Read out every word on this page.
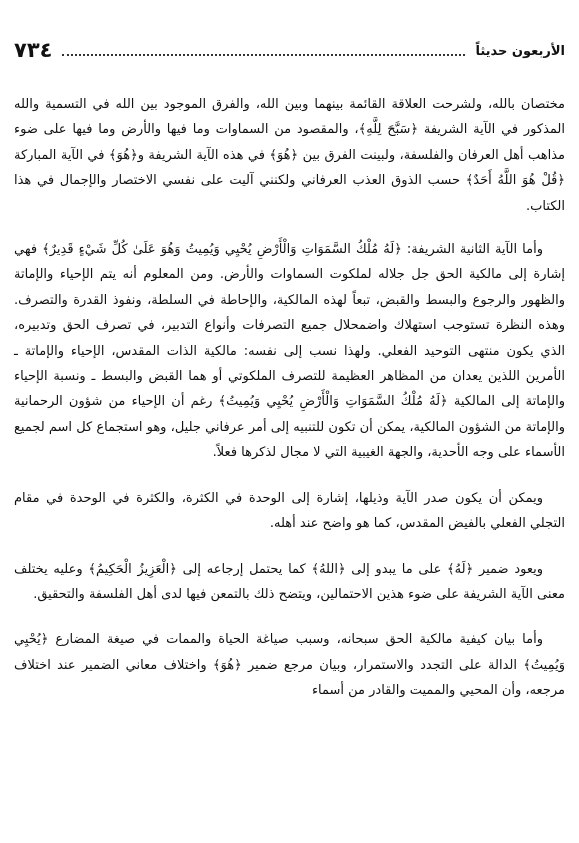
٧٣٤	الأربعون حديثاً

مختصان بالله، ولشرحت العلاقة القائمة بينهما وبين الله، والفرق الموجود بين الله في التسمية والله المذكور في الآية الشريفة ﴿سَبَّحَ لِلَّهِ﴾، والمقصود من السماوات وما فيها والأرض وما فيها على ضوء مذاهب أهل العرفان والفلسفة، ولبينت الفرق بين ﴿هُوَ﴾ في هذه الآية الشريفة و﴿هُوَ﴾ في الآية المباركة ﴿قُلْ هُوَ اللَّهُ أَحَدٌ﴾ حسب الذوق العذب العرفاني ولكنني آليت على نفسي الاختصار والإجمال في هذا الكتاب.

وأما الآية الثانية الشريفة: ﴿لَهُ مُلْكُ السَّمَوَاتِ وَالْأَرْضِ يُحْيِي وَيُمِيتُ وَهُوَ عَلَىٰ كُلِّ شَيْءٍ قَدِيرٌ﴾ فهي إشارة إلى مالكية الحق جل جلاله لملكوت السماوات والأرض. ومن المعلوم أنه يتم الإحياء والإماتة والظهور والرجوع والبسط والقبض، تبعاً لهذه المالكية، والإحاطة في السلطة، ونفوذ القدرة والتصرف. وهذه النظرة تستوجب استهلاك واضمحلال جميع التصرفات وأنواع التدبير، في تصرف الحق وتدبيره، الذي يكون منتهى التوحيد الفعلي. ولهذا نسب إلى نفسه: مالكية الذات المقدس، الإحياء والإماتة ـ الأمرين اللذين يعدان من المظاهر العظيمة للتصرف الملكوتي أو هما القبض والبسط ـ ونسبة الإحياء والإماتة إلى المالكية ﴿لَهُ مُلْكُ السَّمَوَاتِ وَالْأَرْضِ يُحْيِي وَيُمِيتُ﴾ رغم أن الإحياء من شؤون الرحمانية والإماتة من الشؤون المالكية، يمكن أن تكون للتنبيه إلى أمر عرفاني جليل، وهو استجماع كل اسم لجميع الأسماء على وجه الأحدية، والجهة الغيبية التي لا مجال لذكرها فعلاً.

ويمكن أن يكون صدر الآية وذيلها، إشارة إلى الوحدة في الكثرة، والكثرة في الوحدة في مقام التجلي الفعلي بالفيض المقدس، كما هو واضح عند أهله.

ويعود ضمير ﴿لَهُ﴾ على ما يبدو إلى ﴿اللهُ﴾ كما يحتمل إرجاعه إلى ﴿الْعَزِيزُ الْحَكِيمُ﴾ وعليه يختلف معنى الآية الشريفة على ضوء هذين الاحتمالين، ويتضح ذلك بالتمعن فيها لدى أهل الفلسفة والتحقيق.

وأما بيان كيفية مالكية الحق سبحانه، وسبب صياغة الحياة والممات في صيغة المضارع ﴿يُحْيِي وَيُمِيتُ﴾ الدالة على التجدد والاستمرار، وبيان مرجع ضمير ﴿هُوَ﴾ واختلاف معاني الضمير عند اختلاف مرجعه، وأن المحيي والمميت والقادر من أسماء
